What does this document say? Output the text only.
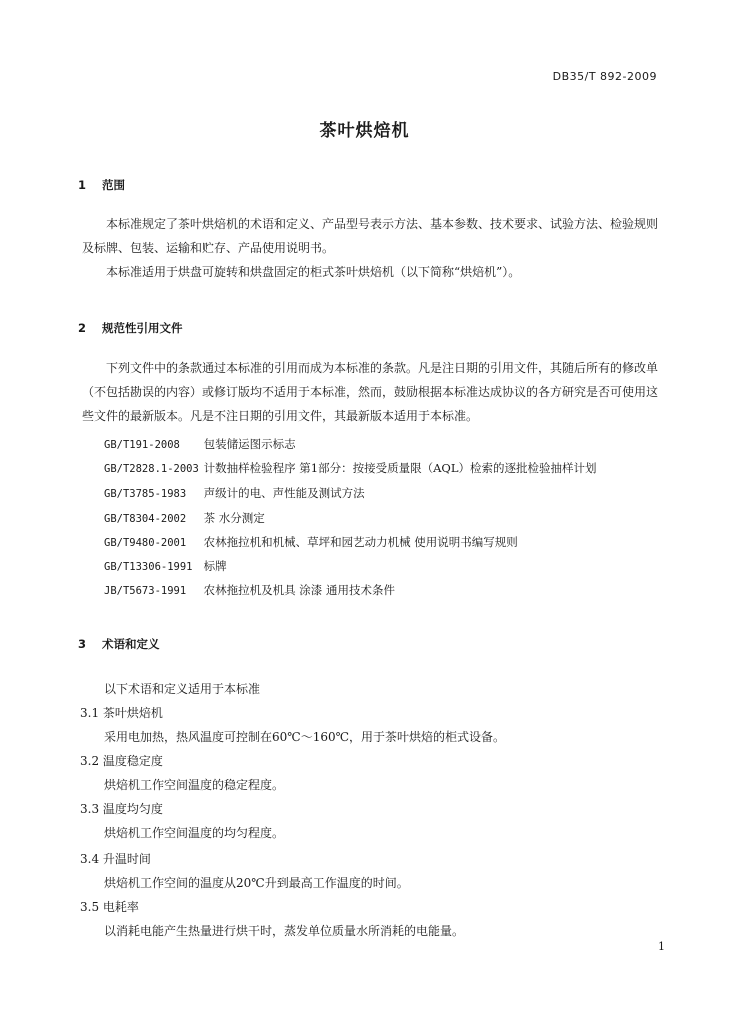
DB35/T 892-2009
茶叶烘焙机
1 范围

本标准规定了茶叶烘焙机的术语和定义、产品型号表示方法、基本参数、技术要求、试验方法、检验规则及标牌、包装、运输和贮存、产品使用说明书。

本标准适用于烘盘可旋转和烘盘固定的柜式茶叶烘焙机（以下简称“烘焙机”）。

2 规范性引用文件

下列文件中的条款通过本标准的引用而成为本标准的条款。凡是注日期的引用文件，其随后所有的修改单（不包括勘误的内容）或修订版均不适用于本标准，然而，鼓励根据本标准达成协议的各方研究是否可使用这些文件的最新版本。凡是不注日期的引用文件，其最新版本适用于本标准。

GB/T191-2008 包装储运图示标志
GB/T2828.1-2003 计数抽样检验程序 第1部分：按接受质量限（AQL）检索的逐批检验抽样计划
GB/T3785-1983 声级计的电、声性能及测试方法
GB/T8304-2002 茶 水分测定
GB/T9480-2001 农林拖拉机和机械、草坪和园艺动力机械 使用说明书编写规则
GB/T13306-1991 标牌
JB/T5673-1991 农林拖拉机及机具 涂漆 通用技术条件
3 术语和定义
以下术语和定义适用于本标准
3.1 茶叶烘焙机
采用电加热，热风温度可控制在60℃～160℃，用于茶叶烘焙的柜式设备。
3.2 温度稳定度
烘焙机工作空间温度的稳定程度。
3.3 温度均匀度
烘焙机工作空间温度的均匀程度。
3.4 升温时间
烘焙机工作空间的温度从20℃升到最高工作温度的时间。
3.5 电耗率
以消耗电能产生热量进行烘干时，蒸发单位质量水所消耗的电能量。
1
